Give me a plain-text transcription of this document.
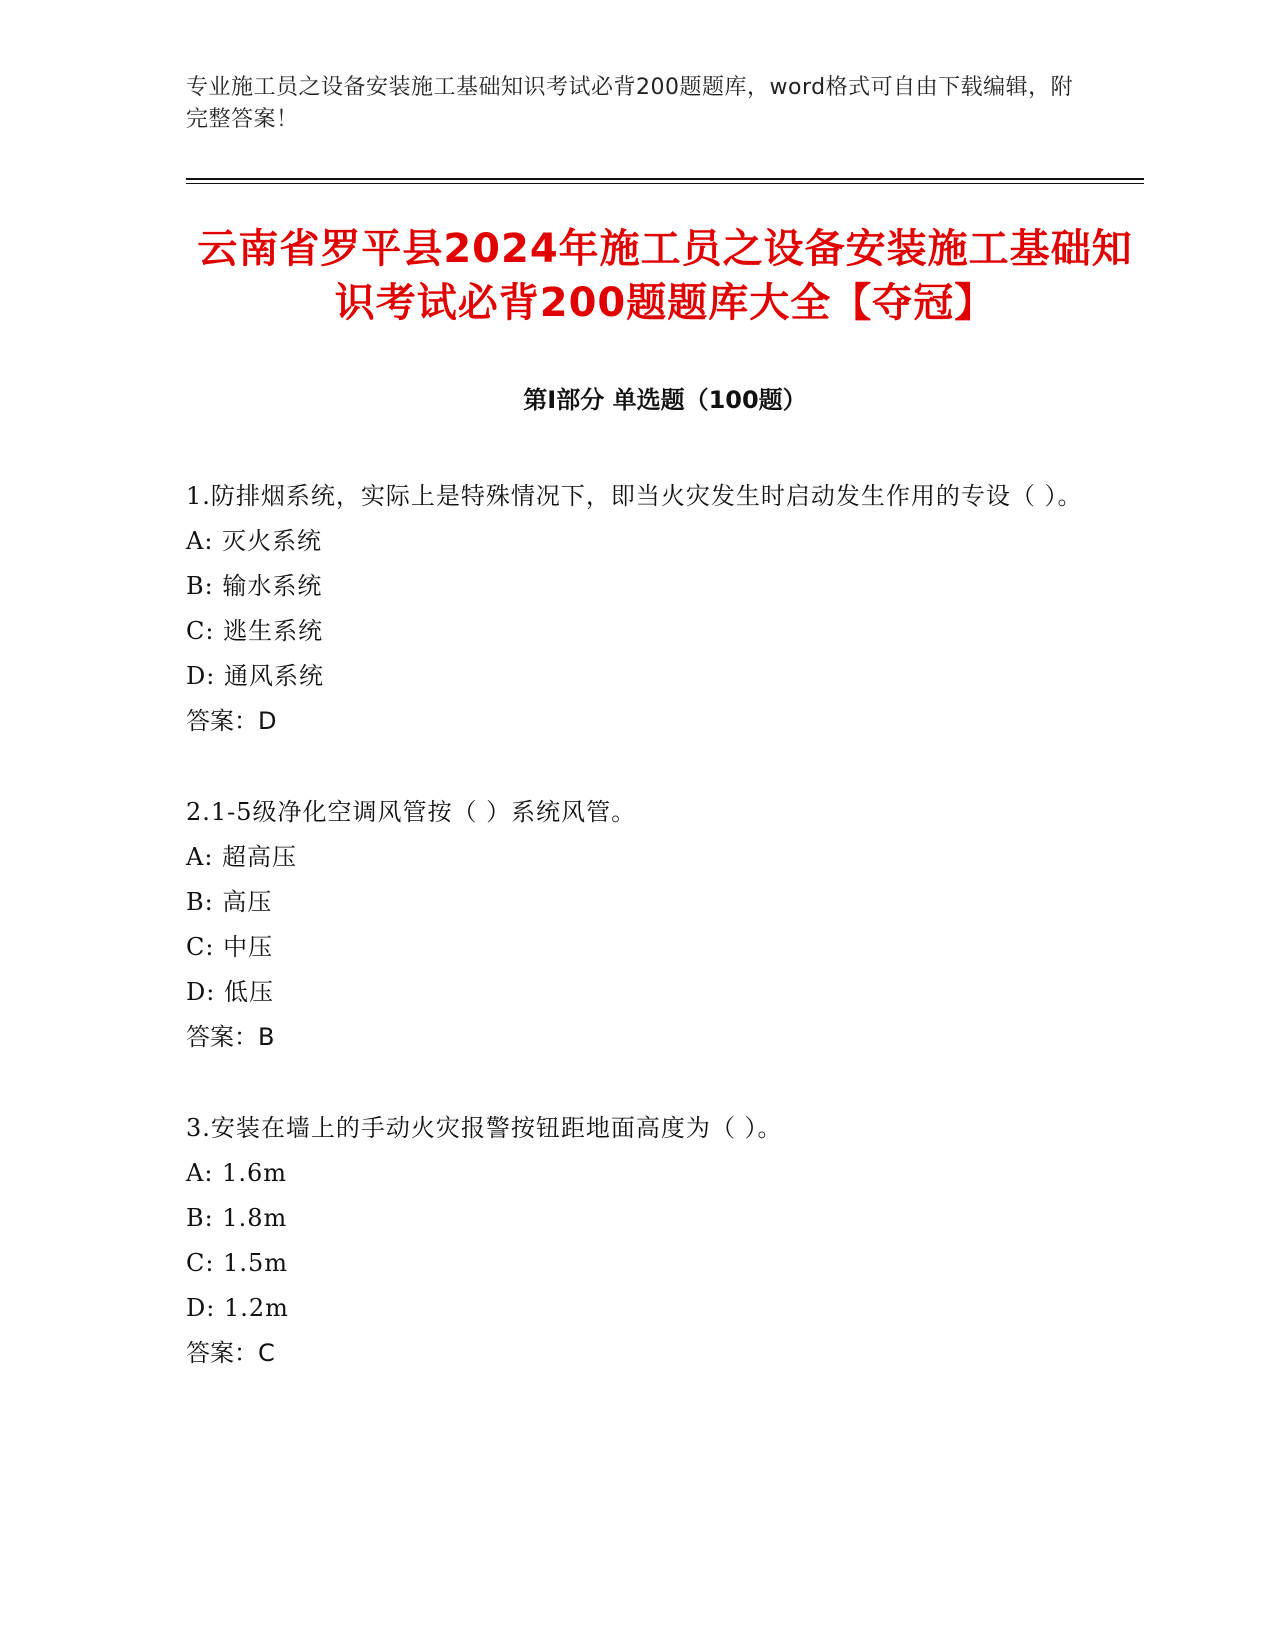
专业施工员之设备安装施工基础知识考试必背200题题库，word格式可自由下载编辑，附完整答案！
云南省罗平县2024年施工员之设备安装施工基础知识考试必背200题题库大全【夺冠】
第I部分 单选题（100题）

1.防排烟系统，实际上是特殊情况下，即当火灾发生时启动发生作用的专设（ ）。

A: 灭火系统

B: 输水系统

C: 逃生系统

D: 通风系统

答案：D

2.1-5级净化空调风管按（ ）系统风管。

A: 超高压

B: 高压

C: 中压

D: 低压

答案：B

3.安装在墙上的手动火灾报警按钮距地面高度为（ ）。

A: 1.6m

B: 1.8m

C: 1.5m

D: 1.2m

答案：C
